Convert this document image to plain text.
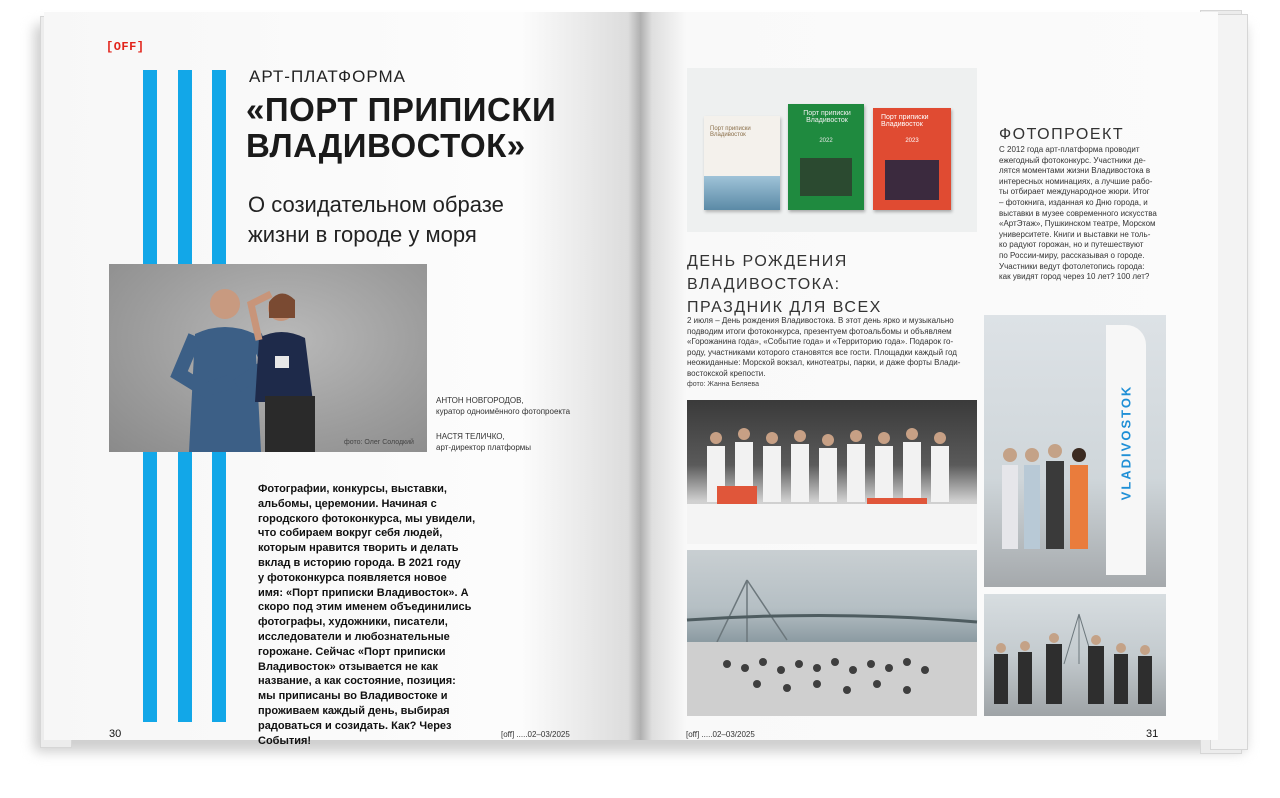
[OFF]
АРТ-ПЛАТФОРМА
«ПОРТ ПРИПИСКИ
ВЛАДИВОСТОК»
О созидательном образе
жизни в городе у моря
фото: Олег Солодкий
АНТОН НОВГОРОДОВ,
куратор одноимённого фотопроекта
НАСТЯ ТЕЛИЧКО,
арт-директор платформы
Фотографии, конкурсы, выставки,
альбомы, церемонии. Начиная с
городского фотоконкурса, мы увидели,
что собираем вокруг себя людей,
которым нравится творить и делать
вклад в историю города. В 2021 году
у фотоконкурса появляется новое
имя: «Порт приписки Владивосток». А
скоро под этим именем объединились
фотографы, художники, писатели,
исследователи и любознательные
горожане. Сейчас «Порт приписки
Владивосток» отзывается не как
название, а как состояние, позиция:
мы приписаны во Владивостоке и
проживаем каждый день, выбирая
радоваться и созидать. Как? Через
События!
30	[off] .....02–03/2025
Порт приписки Владивосток
Порт приписки Владивосток
2022
Порт приписки Владивосток
2023	ФОТОПРОЕКТ
С 2012 года арт-платформа проводит
ежегодный фотоконкурс. Участники де-
лятся моментами жизни Владивостока в
интересных номинациях, а лучшие рабо-
ты отбирает международное жюри. Итог
– фотокнига, изданная ко Дню города, и
выставки в музее современного искусства
«АртЭтаж», Пушкинском театре, Морском
университете. Книги и выставки не толь-
ко радуют горожан, но и путешествуют
по России-миру, рассказывая о городе.
Участники ведут фотолетопись города:
как увидят город через 10 лет? 100 лет?
ДЕНЬ РОЖДЕНИЯ
ВЛАДИВОСТОКА:
ПРАЗДНИК ДЛЯ ВСЕХ
2 июля – День рождения Владивостока. В этот день ярко и музыкально
подводим итоги фотоконкурса, презентуем фотоальбомы и объявляем
«Горожанина года», «Событие года» и «Территорию года». Подарок го-
роду, участниками которого становятся все гости. Площадки каждый год
неожиданные: Морской вокзал, кинотеатры, парки, и даже форты Влади-
востокской крепости.
фото: Жанна Беляева
VLADIVOSTOK
[off] .....02–03/2025	31
